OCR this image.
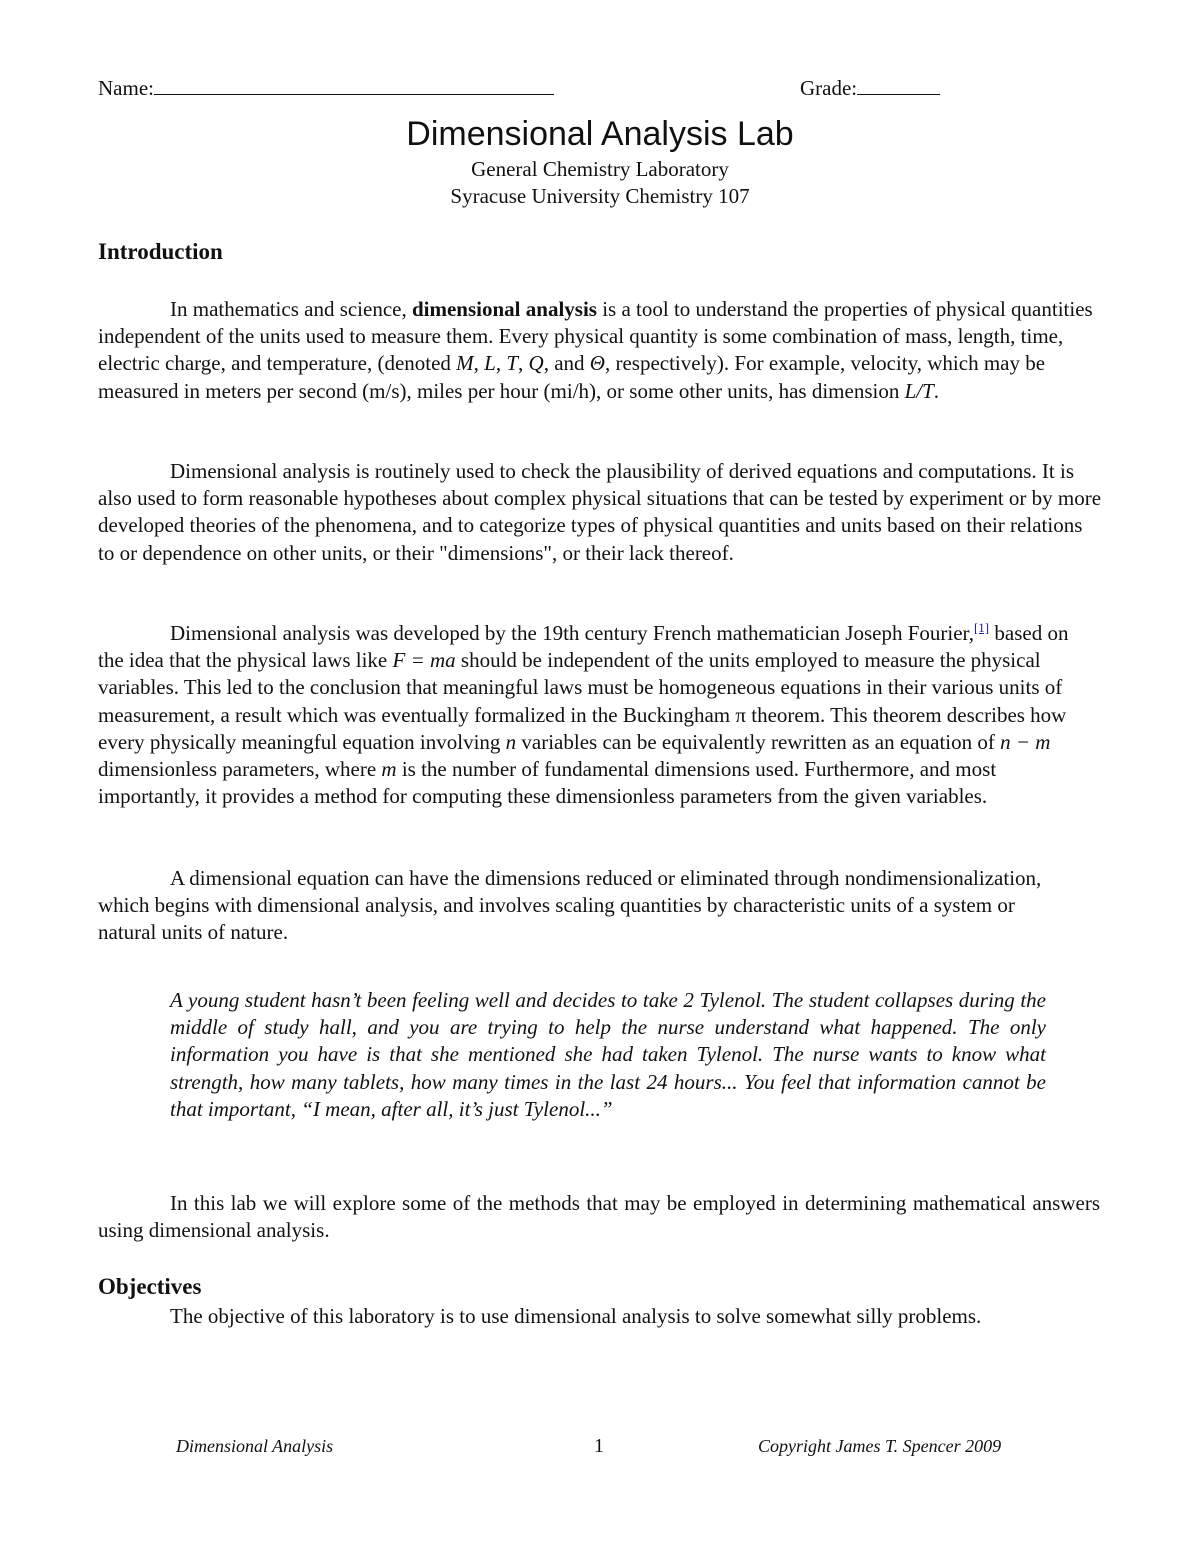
Name:	Grade:
Dimensional Analysis Lab
General Chemistry Laboratory
Syracuse University Chemistry 107
Introduction

In mathematics and science, dimensional analysis is a tool to understand the properties of physical quantities independent of the units used to measure them. Every physical quantity is some combination of mass, length, time, electric charge, and temperature, (denoted M, L, T, Q, and Θ, respectively). For example, velocity, which may be measured in meters per second (m/s), miles per hour (mi/h), or some other units, has dimension L/T.

Dimensional analysis is routinely used to check the plausibility of derived equations and computations. It is also used to form reasonable hypotheses about complex physical situations that can be tested by experiment or by more developed theories of the phenomena, and to categorize types of physical quantities and units based on their relations to or dependence on other units, or their "dimensions", or their lack thereof.

Dimensional analysis was developed by the 19th century French mathematician Joseph Fourier,[1] based on the idea that the physical laws like F = ma should be independent of the units employed to measure the physical variables. This led to the conclusion that meaningful laws must be homogeneous equations in their various units of measurement, a result which was eventually formalized in the Buckingham π theorem. This theorem describes how every physically meaningful equation involving n variables can be equivalently rewritten as an equation of n − m dimensionless parameters, where m is the number of fundamental dimensions used. Furthermore, and most importantly, it provides a method for computing these dimensionless parameters from the given variables.

A dimensional equation can have the dimensions reduced or eliminated through nondimensionalization, which begins with dimensional analysis, and involves scaling quantities by characteristic units of a system or natural units of nature.

A young student hasn’t been feeling well and decides to take 2 Tylenol. The student collapses during the middle of study hall, and you are trying to help the nurse understand what happened. The only information you have is that she mentioned she had taken Tylenol. The nurse wants to know what strength, how many tablets, how many times in the last 24 hours... You feel that information cannot be that important, “I mean, after all, it’s just Tylenol...”

In this lab we will explore some of the methods that may be employed in determining mathematical answers using dimensional analysis.

Objectives
The objective of this laboratory is to use dimensional analysis to solve somewhat silly problems.
Dimensional Analysis	1	Copyright James T. Spencer 2009
